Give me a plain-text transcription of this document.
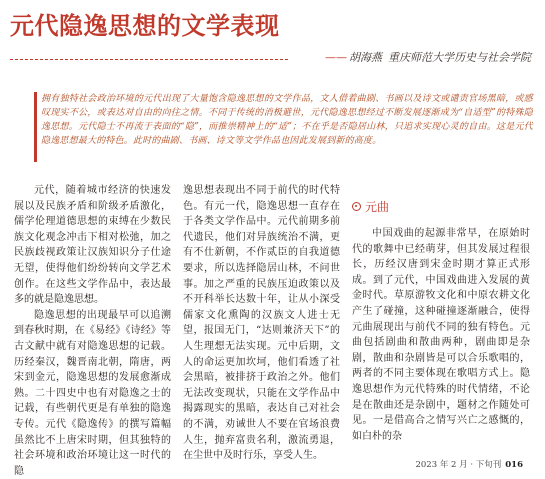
元代隐逸思想的文学表现
—— 胡海燕 重庆师范大学历史与社会学院
拥有独特社会政治环境的元代出现了大量饱含隐逸思想的文学作品，文人借着曲剧、书画以及诗文或谴责官场黑暗，或感叹现实不公，或表达对自由的向往之情。不同于传统的消极避世，元代隐逸思想经过不断发展逐渐成为“自适型”的特殊隐逸思想。元代隐士不再流于表面的“隐”，而推崇精神上的“适”；不在乎是否隐居山林，只追求实现心灵的自由。这是元代隐逸思想最大的特色。此时的曲剧、书画、诗文等文学作品也因此发展到新的高度。

元代，随着城市经济的快速发展以及民族矛盾和阶级矛盾激化，儒学伦理道德思想的束缚在少数民族文化观念冲击下相对松弛，加之民族歧视政策让汉族知识分子仕途无望，使得他们纷纷转向文学艺术创作。在这些文学作品中，表达最多的就是隐逸思想。

隐逸思想的出现最早可以追溯到春秋时期，在《易经》《诗经》等古文献中就有对隐逸思想的记载。历经秦汉，魏晋南北朝，隋唐，两宋到金元，隐逸思想的发展愈渐成熟。二十四史中也有对隐逸之士的记载，有些朝代更是有单独的隐逸专传。元代《隐逸传》的撰写篇幅虽然比不上唐宋时期，但其独特的社会环境和政治环境让这一时代的隐

逸思想表现出不同于前代的时代特色。有元一代，隐逸思想一直存在于各类文学作品中。元代前期多前代遗民，他们对异族统治不满，更有不仕新朝，不作贰臣的自我道德要求，所以选择隐居山林，不问世事。加之严重的民族压迫政策以及不开科举长达数十年，让从小深受儒家文化熏陶的汉族文人进士无望，报国无门，“达则兼济天下”的人生理想无法实现。元中后期，文人的命运更加坎坷，他们看透了社会黑暗，被排挤于政治之外。他们无法改变现状，只能在文学作品中揭露现实的黑暗，表达自己对社会的不满，劝诫世人不要在官场浪费人生，抛弃富贵名利，激流勇退，在尘世中及时行乐，享受人生。

元曲

中国戏曲的起源非常早，在原始时代的歌舞中已经萌芽，但其发展过程很长，历经汉唐到宋金时期才算正式形成。到了元代，中国戏曲进入发展的黄金时代。草原游牧文化和中原农耕文化产生了碰撞，这种碰撞逐渐融合，使得元曲展现出与前代不同的独有特色。元曲包括剧曲和散曲两种，剧曲即是杂剧，散曲和杂剧皆是可以合乐歌唱的，两者的不同主要体现在歌唱方式上。隐逸思想作为元代特殊的时代情绪，不论是在散曲还是杂剧中，题材之作随处可见。一是借高合之情写兴亡之感慨的，如白朴的杂

2023 年 2 月 · 下旬刊 016
